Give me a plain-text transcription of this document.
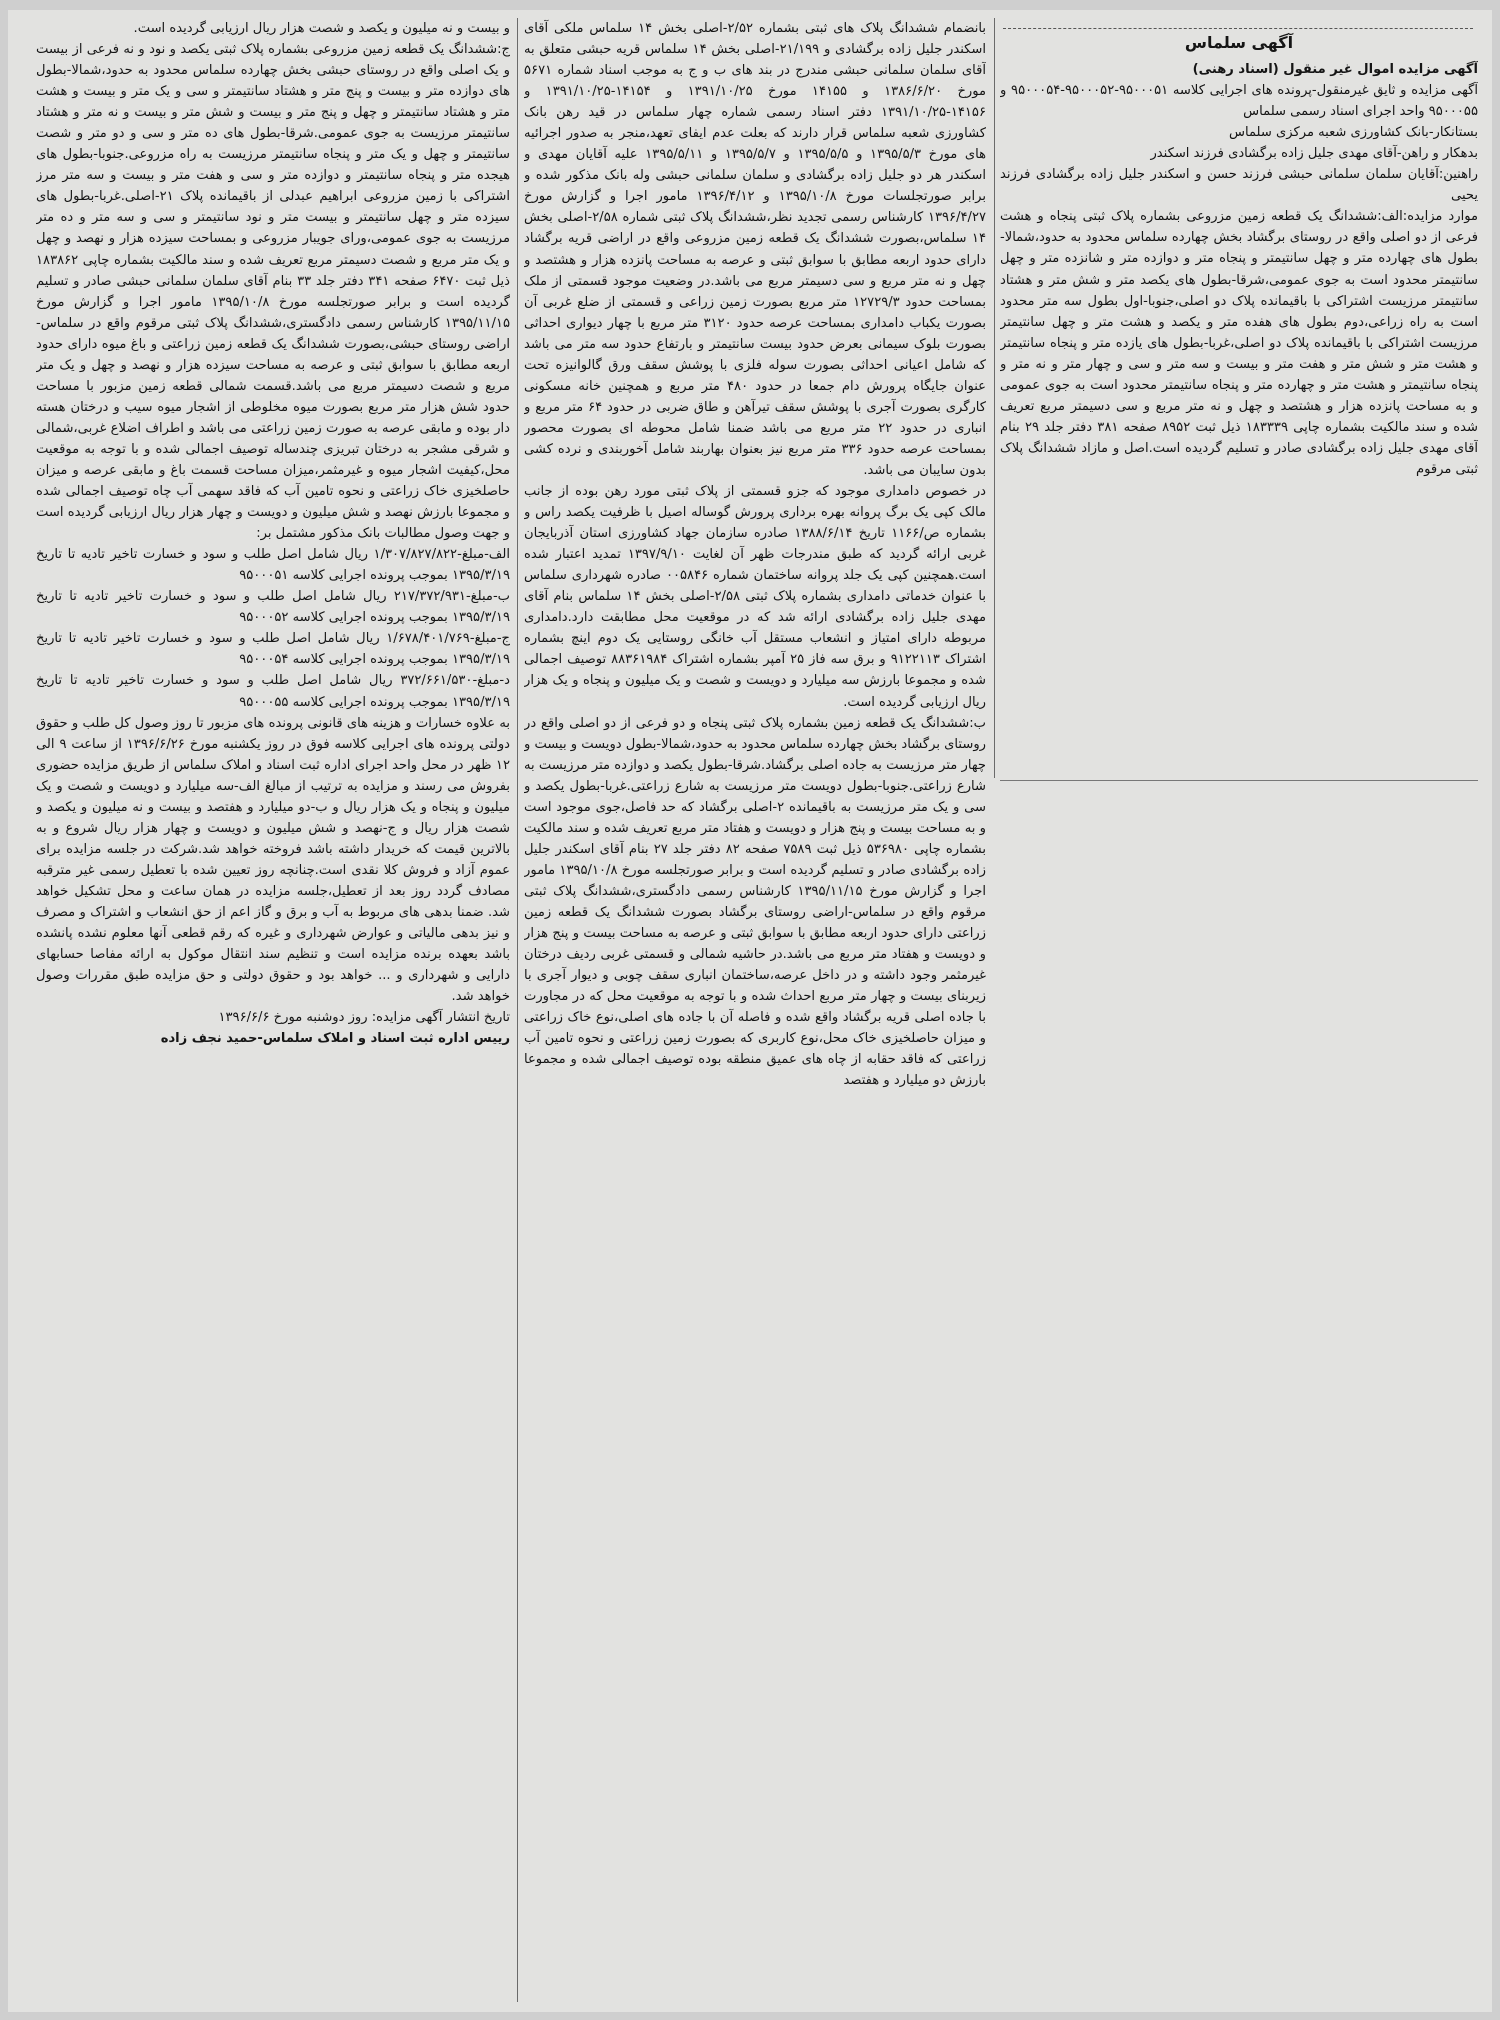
آگهی سلماس

آگهی مزایده اموال غیر منقول (اسناد رهنی)

آگهی مزایده و ثایق غیرمنقول-پرونده های اجرایی کلاسه ۹۵۰۰۰۵۱-۹۵۰۰۰۵۲-۹۵۰۰۰۵۴ و ۹۵۰۰۰۵۵ واحد اجرای اسناد رسمی سلماس

بستانکار-بانک کشاورزی شعبه مرکزی سلماس

بدهکار و راهن-آقای مهدی جلیل زاده برگشادی فرزند اسکندر

راهنین:آقایان سلمان سلمانی حبشی فرزند حسن و اسکندر جلیل زاده برگشادی فرزند یحیی

موارد مزایده:الف:ششدانگ یک قطعه زمین مزروعی بشماره پلاک ثبتی پنجاه و هشت فرعی از دو اصلی واقع در روستای برگشاد بخش چهارده سلماس محدود به حدود،شمالا-بطول های چهارده متر و چهل سانتیمتر و پنجاه متر و دوازده متر و شانزده متر و چهل سانتیمتر محدود است به جوی عمومی،شرقا-بطول های یکصد متر و شش متر و هشتاد سانتیمتر مرزیست اشتراکی با باقیمانده پلاک دو اصلی،جنوبا-اول بطول سه متر محدود است به راه زراعی،دوم بطول های هفده متر و یکصد و هشت متر و چهل سانتیمتر مرزیست اشتراکی با باقیمانده پلاک دو اصلی،غربا-بطول های یازده متر و پنجاه سانتیمتر و هشت متر و شش متر و هفت متر و بیست و سه متر و سی و چهار متر و نه متر و پنجاه سانتیمتر و هشت متر و چهارده متر و پنجاه سانتیمتر محدود است به جوی عمومی و به مساحت پانزده هزار و هشتصد و چهل و نه متر مربع و سی دسیمتر مربع تعریف شده و سند مالکیت بشماره چاپی ۱۸۳۳۳۹ ذیل ثبت ۸۹۵۲ صفحه ۳۸۱ دفتر جلد ۲۹ بنام آقای مهدی جلیل زاده برگشادی صادر و تسلیم گردیده است.اصل و مازاد ششدانگ پلاک ثبتی مرقوم

بانضمام ششدانگ پلاک های ثبتی بشماره ۲/۵۲-اصلی بخش ۱۴ سلماس ملکی آقای اسکندر جلیل زاده برگشادی و ۲۱/۱۹۹-اصلی بخش ۱۴ سلماس قریه حبشی متعلق به آقای سلمان سلمانی حبشی مندرج در بند های ب و ج به موجب اسناد شماره ۵۶۷۱ مورخ ۱۳۸۶/۶/۲۰ و ۱۴۱۵۵ مورخ ۱۳۹۱/۱۰/۲۵ و ۱۴۱۵۴-۱۳۹۱/۱۰/۲۵ و ۱۴۱۵۶-۱۳۹۱/۱۰/۲۵ دفتر اسناد رسمی شماره چهار سلماس در قید رهن بانک کشاورزی شعبه سلماس قرار دارند که بعلت عدم ایفای تعهد،منجر به صدور اجرائیه های مورخ ۱۳۹۵/۵/۳ و ۱۳۹۵/۵/۵ و ۱۳۹۵/۵/۷ و ۱۳۹۵/۵/۱۱ علیه آقایان مهدی و اسکندر هر دو جلیل زاده برگشادی و سلمان سلمانی حبشی وله بانک مذکور شده و برابر صورتجلسات مورخ ۱۳۹۵/۱۰/۸ و ۱۳۹۶/۴/۱۲ مامور اجرا و گزارش مورخ ۱۳۹۶/۴/۲۷ کارشناس رسمی تجدید نظر،ششدانگ پلاک ثبتی شماره ۲/۵۸-اصلی بخش ۱۴ سلماس،بصورت ششدانگ یک قطعه زمین مزروعی واقع در اراضی قریه برگشاد دارای حدود اربعه مطابق با سوابق ثبتی و عرصه به مساحت پانزده هزار و هشتصد و چهل و نه متر مربع و سی دسیمتر مربع می باشد.در وضعیت موجود قسمتی از ملک بمساحت حدود ۱۲۷۲۹/۳ متر مربع بصورت زمین زراعی و قسمتی از ضلع غربی آن بصورت یکباب دامداری بمساحت عرصه حدود ۳۱۲۰ متر مربع با چهار دیواری احداثی بصورت بلوک سیمانی بعرض حدود بیست سانتیمتر و بارتفاع حدود سه متر می باشد که شامل اعیانی احداثی بصورت سوله فلزی با پوشش سقف ورق گالوانیزه تحت عنوان جایگاه پرورش دام جمعا در حدود ۴۸۰ متر مربع و همچنین خانه مسکونی کارگری بصورت آجری با پوشش سقف تیرآهن و طاق ضربی در حدود ۶۴ متر مربع و انباری در حدود ۲۲ متر مربع می باشد ضمنا شامل محوطه ای بصورت محصور بمساحت عرصه حدود ۳۳۶ متر مربع نیز بعنوان بهاربند شامل آخوربندی و نرده کشی بدون سایبان می باشد.

در خصوص دامداری موجود که جزو قسمتی از پلاک ثبتی مورد رهن بوده از جانب مالک کپی یک برگ پروانه بهره برداری پرورش گوساله اصیل با ظرفیت یکصد راس و بشماره ص/۱۱۶۶ تاریخ ۱۳۸۸/۶/۱۴ صادره سازمان جهاد کشاورزی استان آذربایجان غربی ارائه گردید که طبق مندرجات ظهر آن لغایت ۱۳۹۷/۹/۱۰ تمدید اعتبار شده است.همچنین کپی یک جلد پروانه ساختمان شماره ۰۰۵۸۴۶ صادره شهرداری سلماس با عنوان خدماتی دامداری بشماره پلاک ثبتی ۲/۵۸-اصلی بخش ۱۴ سلماس بنام آقای مهدی جلیل زاده برگشادی ارائه شد که در موقعیت محل مطابقت دارد.دامداری مربوطه دارای امتیاز و انشعاب مستقل آب خانگی روستایی یک دوم اینچ بشماره اشتراک ۹۱۲۲۱۱۳ و برق سه فاز ۲۵ آمپر بشماره اشتراک ۸۸۳۶۱۹۸۴ توصیف اجمالی شده و مجموعا بارزش سه میلیارد و دویست و شصت و یک میلیون و پنجاه و یک هزار ریال ارزیابی گردیده است.

ب:ششدانگ یک قطعه زمین بشماره پلاک ثبتی پنجاه و دو فرعی از دو اصلی واقع در روستای برگشاد بخش چهارده سلماس محدود به حدود،شمالا-بطول دویست و بیست و چهار متر مرزیست به جاده اصلی برگشاد.شرقا-بطول یکصد و دوازده متر مرزیست به شارع زراعتی.جنوبا-بطول دویست متر مرزیست به شارع زراعتی.غربا-بطول یکصد و سی و یک متر مرزیست به باقیمانده ۲-اصلی برگشاد که حد فاصل،جوی موجود است و به مساحت بیست و پنج هزار و دویست و هفتاد متر مربع تعریف شده و سند مالکیت بشماره چاپی ۵۳۶۹۸۰ ذیل ثبت ۷۵۸۹ صفحه ۸۲ دفتر جلد ۲۷ بنام آقای اسکندر جلیل زاده برگشادی صادر و تسلیم گردیده است و برابر صورتجلسه مورخ ۱۳۹۵/۱۰/۸ مامور اجرا و گزارش مورخ ۱۳۹۵/۱۱/۱۵ کارشناس رسمی دادگستری،ششدانگ پلاک ثبتی مرقوم واقع در سلماس-اراضی روستای برگشاد بصورت ششدانگ یک قطعه زمین زراعتی دارای حدود اربعه مطابق با سوابق ثبتی و عرصه به مساحت بیست و پنج هزار و دویست و هفتاد متر مربع می باشد.در حاشیه شمالی و قسمتی غربی ردیف درختان غیرمثمر وجود داشته و در داخل عرصه،ساختمان انباری سقف چوبی و دیوار آجری با زیربنای بیست و چهار متر مربع احداث شده و با توجه به موقعیت محل که در مجاورت با جاده اصلی قریه برگشاد واقع شده و فاصله آن با جاده های اصلی،نوع خاک زراعتی و میزان حاصلخیزی خاک محل،نوع کاربری که بصورت زمین زراعتی و نحوه تامین آب زراعتی که فاقد حقابه از چاه های عمیق منطقه بوده توصیف اجمالی شده و مجموعا بارزش دو میلیارد و هفتصد

و بیست و نه میلیون و یکصد و شصت هزار ریال ارزیابی گردیده است.

ج:ششدانگ یک قطعه زمین مزروعی بشماره پلاک ثبتی یکصد و نود و نه فرعی از بیست و یک اصلی واقع در روستای حبشی بخش چهارده سلماس محدود به حدود،شمالا-بطول های دوازده متر و بیست و پنج متر و هشتاد سانتیمتر و سی و یک متر و بیست و هشت متر و هشتاد سانتیمتر و چهل و پنج متر و بیست و شش متر و بیست و نه متر و هشتاد سانتیمتر مرزیست به جوی عمومی.شرقا-بطول های ده متر و سی و دو متر و شصت سانتیمتر و چهل و یک متر و پنجاه سانتیمتر مرزیست به راه مزروعی.جنوبا-بطول های هیجده متر و پنجاه سانتیمتر و دوازده متر و سی و هفت متر و بیست و سه متر مرز اشتراکی با زمین مزروعی ابراهیم عبدلی از باقیمانده پلاک ۲۱-اصلی.غربا-بطول های سیزده متر و چهل سانتیمتر و بیست متر و نود سانتیمتر و سی و سه متر و ده متر مرزیست به جوی عمومی،ورای جویبار مزروعی و بمساحت سیزده هزار و نهصد و چهل و یک متر مربع و شصت دسیمتر مربع تعریف شده و سند مالکیت بشماره چاپی ۱۸۳۸۶۲ ذیل ثبت ۶۴۷۰ صفحه ۳۴۱ دفتر جلد ۳۳ بنام آقای سلمان سلمانی حبشی صادر و تسلیم گردیده است و برابر صورتجلسه مورخ ۱۳۹۵/۱۰/۸ مامور اجرا و گزارش مورخ ۱۳۹۵/۱۱/۱۵ کارشناس رسمی دادگستری،ششدانگ پلاک ثبتی مرقوم واقع در سلماس-اراضی روستای حبشی،بصورت ششدانگ یک قطعه زمین زراعتی و باغ میوه دارای حدود اربعه مطابق با سوابق ثبتی و عرصه به مساحت سیزده هزار و نهصد و چهل و یک متر مربع و شصت دسیمتر مربع می باشد.قسمت شمالی قطعه زمین مزبور با مساحت حدود شش هزار متر مربع بصورت میوه مخلوطی از اشجار میوه سیب و درختان هسته دار بوده و مابقی عرصه به صورت زمین زراعتی می باشد و اطراف اضلاع غربی،شمالی و شرقی مشجر به درختان تبریزی چندساله توصیف اجمالی شده و با توجه به موقعیت محل،کیفیت اشجار میوه و غیرمثمر،میزان مساحت قسمت باغ و مابقی عرصه و میزان حاصلخیزی خاک زراعتی و نحوه تامین آب که فاقد سهمی آب چاه توصیف اجمالی شده و مجموعا بارزش نهصد و شش میلیون و دویست و چهار هزار ریال ارزیابی گردیده است و جهت وصول مطالبات بانک مذکور مشتمل بر:

الف-مبلغ-۱/۳۰۷/۸۲۷/۸۲۲ ریال شامل اصل طلب و سود و خسارت تاخیر تادیه تا تاریخ ۱۳۹۵/۳/۱۹ بموجب پرونده اجرایی کلاسه ۹۵۰۰۰۵۱

ب-مبلغ-۲۱۷/۳۷۲/۹۳۱ ریال شامل اصل طلب و سود و خسارت تاخیر تادیه تا تاریخ ۱۳۹۵/۳/۱۹ بموجب پرونده اجرایی کلاسه ۹۵۰۰۰۵۲

ج-مبلغ-۱/۶۷۸/۴۰۱/۷۶۹ ریال شامل اصل طلب و سود و خسارت تاخیر تادیه تا تاریخ ۱۳۹۵/۳/۱۹ بموجب پرونده اجرایی کلاسه ۹۵۰۰۰۵۴

د-مبلغ-۳۷۲/۶۶۱/۵۳۰ ریال شامل اصل طلب و سود و خسارت تاخیر تادیه تا تاریخ ۱۳۹۵/۳/۱۹ بموجب پرونده اجرایی کلاسه ۹۵۰۰۰۵۵

به علاوه خسارات و هزینه های قانونی پرونده های مزبور تا روز وصول کل طلب و حقوق دولتی پرونده های اجرایی کلاسه فوق در روز یکشنبه مورخ ۱۳۹۶/۶/۲۶ از ساعت ۹ الی ۱۲ ظهر در محل واحد اجرای اداره ثبت اسناد و املاک سلماس از طریق مزایده حضوری بفروش می رسند و مزایده به ترتیب از مبالغ الف-سه میلیارد و دویست و شصت و یک میلیون و پنجاه و یک هزار ریال و ب-دو میلیارد و هفتصد و بیست و نه میلیون و یکصد و شصت هزار ریال و ج-نهصد و شش میلیون و دویست و چهار هزار ریال شروع و به بالاترین قیمت که خریدار داشته باشد فروخته خواهد شد.شرکت در جلسه مزایده برای عموم آزاد و فروش کلا نقدی است.چنانچه روز تعیین شده با تعطیل رسمی غیر مترقبه مصادف گردد روز بعد از تعطیل،جلسه مزایده در همان ساعت و محل تشکیل خواهد شد. ضمنا بدهی های مربوط به آب و برق و گاز اعم از حق انشعاب و اشتراک و مصرف و نیز بدهی مالیاتی و عوارض شهرداری و غیره که رقم قطعی آنها معلوم نشده پانشده باشد بعهده برنده مزایده است و تنظیم سند انتقال موکول به ارائه مفاصا حسابهای دارایی و شهرداری و ... خواهد بود و حقوق دولتی و حق مزایده طبق مقررات وصول خواهد شد.

تاریخ انتشار آگهی مزایده: روز دوشنبه مورخ ۱۳۹۶/۶/۶

رییس اداره ثبت اسناد و املاک سلماس-حمید نجف زاده
